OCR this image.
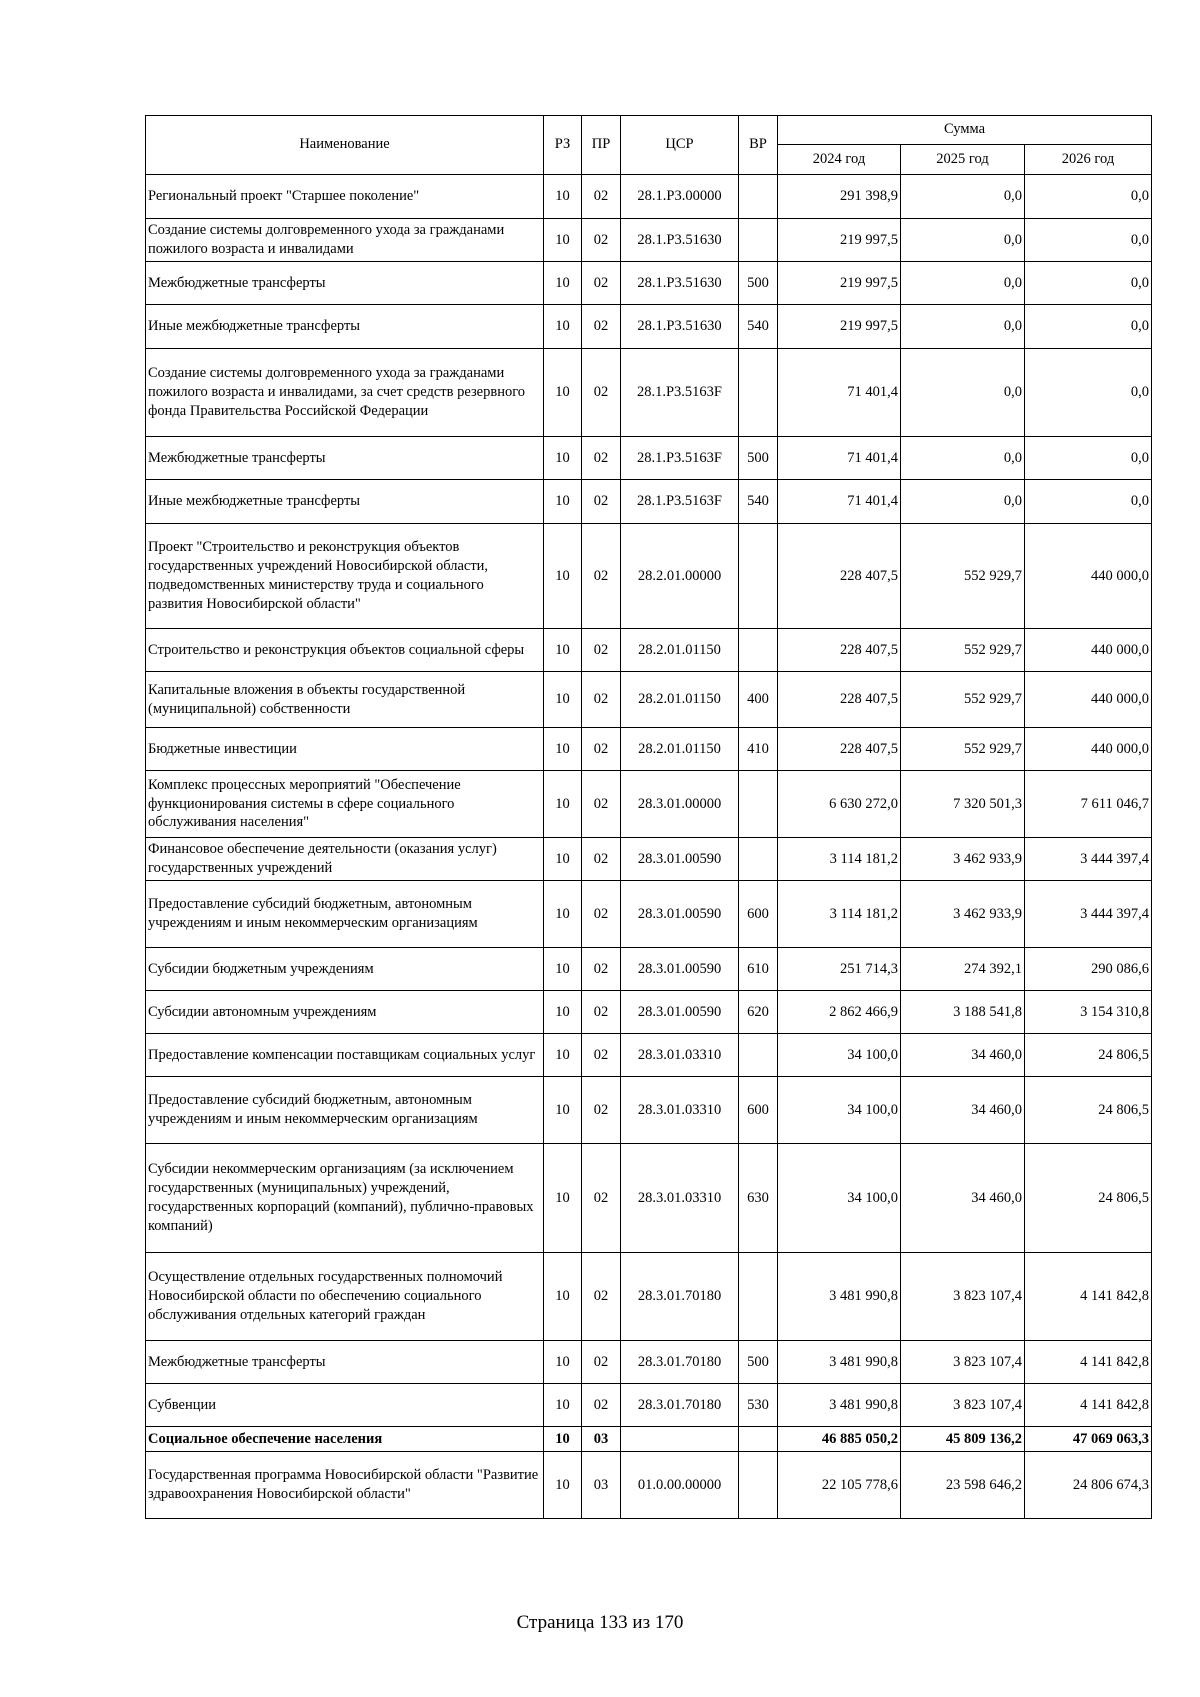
Наименование	РЗ	ПР	ЦСР	ВР	Сумма		
					2024 год	2025 год	2026 год
Региональный проект "Старшее поколение"	10	02	28.1.Р3.00000		291 398,9	0,0	0,0
Создание системы долговременного ухода за гражданами пожилого возраста и инвалидами	10	02	28.1.Р3.51630		219 997,5	0,0	0,0
Межбюджетные трансферты	10	02	28.1.Р3.51630	500	219 997,5	0,0	0,0
Иные межбюджетные трансферты	10	02	28.1.Р3.51630	540	219 997,5	0,0	0,0
Создание системы долговременного ухода за гражданами пожилого возраста и инвалидами, за счет средств резервного фонда Правительства Российской Федерации	10	02	28.1.Р3.5163F		71 401,4	0,0	0,0
Межбюджетные трансферты	10	02	28.1.Р3.5163F	500	71 401,4	0,0	0,0
Иные межбюджетные трансферты	10	02	28.1.Р3.5163F	540	71 401,4	0,0	0,0
Проект "Строительство и реконструкция объектов государственных учреждений Новосибирской области, подведомственных министерству труда и социального развития Новосибирской области"	10	02	28.2.01.00000		228 407,5	552 929,7	440 000,0
Строительство и реконструкция объектов социальной сферы	10	02	28.2.01.01150		228 407,5	552 929,7	440 000,0
Капитальные вложения в объекты государственной (муниципальной) собственности	10	02	28.2.01.01150	400	228 407,5	552 929,7	440 000,0
Бюджетные инвестиции	10	02	28.2.01.01150	410	228 407,5	552 929,7	440 000,0
Комплекс процессных мероприятий "Обеспечение функционирования системы в сфере социального обслуживания населения"	10	02	28.3.01.00000		6 630 272,0	7 320 501,3	7 611 046,7
Финансовое обеспечение деятельности (оказания услуг) государственных учреждений	10	02	28.3.01.00590		3 114 181,2	3 462 933,9	3 444 397,4
Предоставление субсидий бюджетным, автономным учреждениям и иным некоммерческим организациям	10	02	28.3.01.00590	600	3 114 181,2	3 462 933,9	3 444 397,4
Субсидии бюджетным учреждениям	10	02	28.3.01.00590	610	251 714,3	274 392,1	290 086,6
Субсидии автономным учреждениям	10	02	28.3.01.00590	620	2 862 466,9	3 188 541,8	3 154 310,8
Предоставление компенсации поставщикам социальных услуг	10	02	28.3.01.03310		34 100,0	34 460,0	24 806,5
Предоставление субсидий бюджетным, автономным учреждениям и иным некоммерческим организациям	10	02	28.3.01.03310	600	34 100,0	34 460,0	24 806,5
Субсидии некоммерческим организациям (за исключением государственных (муниципальных) учреждений, государственных корпораций (компаний), публично-правовых компаний)	10	02	28.3.01.03310	630	34 100,0	34 460,0	24 806,5
Осуществление отдельных государственных полномочий Новосибирской области по обеспечению социального обслуживания отдельных категорий граждан	10	02	28.3.01.70180		3 481 990,8	3 823 107,4	4 141 842,8
Межбюджетные трансферты	10	02	28.3.01.70180	500	3 481 990,8	3 823 107,4	4 141 842,8
Субвенции	10	02	28.3.01.70180	530	3 481 990,8	3 823 107,4	4 141 842,8
Социальное обеспечение населения	10	03			46 885 050,2	45 809 136,2	47 069 063,3
Государственная программа Новосибирской области "Развитие здравоохранения Новосибирской области"	10	03	01.0.00.00000		22 105 778,6	23 598 646,2	24 806 674,3
Страница 133 из 170
